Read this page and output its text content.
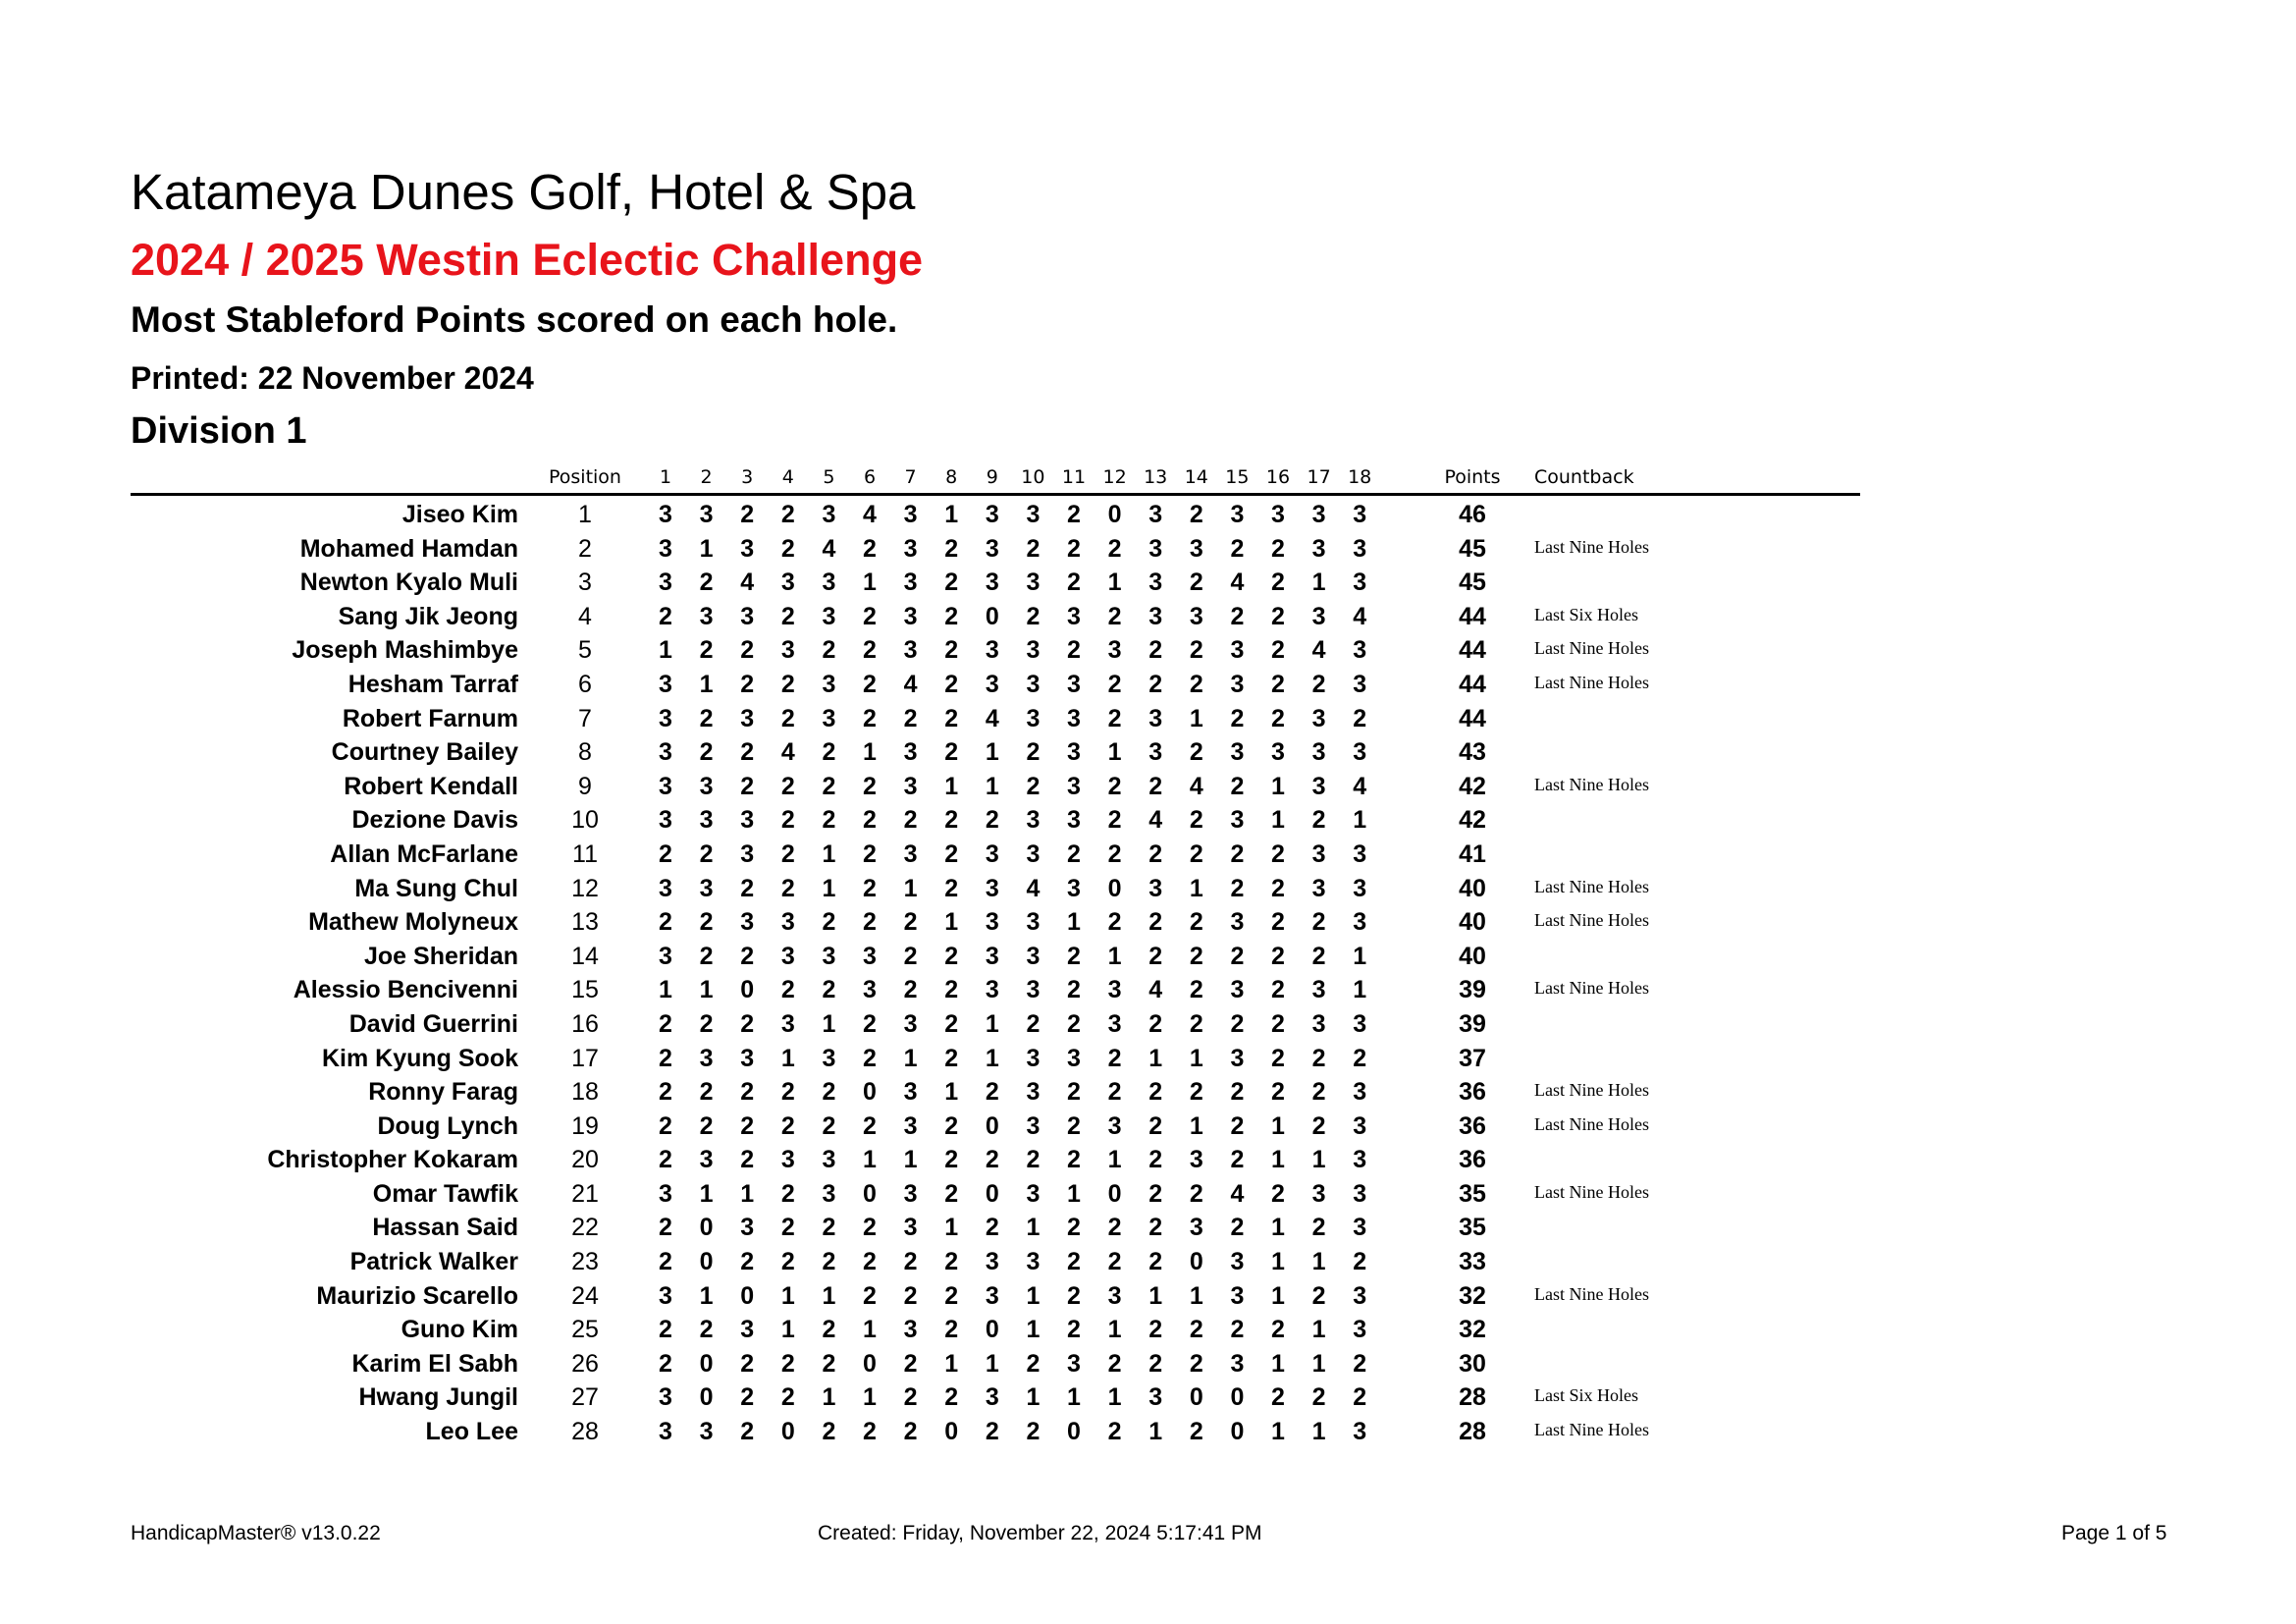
Katameya Dunes Golf, Hotel & Spa
2024 / 2025 Westin Eclectic Challenge
Most Stableford Points scored on each hole.
Printed: 22 November 2024
Division 1
Position	Points	Countback
1	2	3	4	5	6	7	8	9	10 11 12 13 14 15 16 17 18
Jiseo Kim	1	3	3	2	2	3	4	3	1	3	3	2	0	3	2	3	3	3	3	46
Mohamed Hamdan	2	3	1	3	2	4	2	3	2	3	2	2	2	3	3	2	2	3	3	45	Last Nine Holes
Newton Kyalo Muli	3	3	2	4	3	3	1	3	2	3	3	2	1	3	2	4	2	1	3	45
Sang Jik Jeong	4	2	3	3	2	3	2	3	2	0	2	3	2	3	3	2	2	3	4	44	Last Six Holes
Joseph Mashimbye	5	1	2	2	3	2	2	3	2	3	3	2	3	2	2	3	2	4	3	44	Last Nine Holes
Hesham Tarraf	6	3	1	2	2	3	2	4	2	3	3	3	2	2	2	3	2	2	3	44	Last Nine Holes
Robert Farnum	7	3	2	3	2	3	2	2	2	4	3	3	2	3	1	2	2	3	2	44
Courtney Bailey	8	3	2	2	4	2	1	3	2	1	2	3	1	3	2	3	3	3	3	43
Robert Kendall	9	3	3	2	2	2	2	3	1	1	2	3	2	2	4	2	1	3	4	42	Last Nine Holes
Dezione Davis	10	3	3	3	2	2	2	2	2	2	3	3	2	4	2	3	1	2	1	42
Allan McFarlane	11	2	2	3	2	1	2	3	2	3	3	2	2	2	2	2	2	3	3	41
Ma Sung Chul	12	3	3	2	2	1	2	1	2	3	4	3	0	3	1	2	2	3	3	40	Last Nine Holes
Mathew Molyneux	13	2	2	3	3	2	2	2	1	3	3	1	2	2	2	3	2	2	3	40	Last Nine Holes
Joe Sheridan	14	3	2	2	3	3	3	2	2	3	3	2	1	2	2	2	2	2	1	40
Alessio Bencivenni	15	1	1	0	2	2	3	2	2	3	3	2	3	4	2	3	2	3	1	39	Last Nine Holes
David Guerrini	16	2	2	2	3	1	2	3	2	1	2	2	3	2	2	2	2	3	3	39
Kim Kyung Sook	17	2	3	3	1	3	2	1	2	1	3	3	2	1	1	3	2	2	2	37
Ronny Farag	18	2	2	2	2	2	0	3	1	2	3	2	2	2	2	2	2	2	3	36	Last Nine Holes
Doug Lynch	19	2	2	2	2	2	2	3	2	0	3	2	3	2	1	2	1	2	3	36	Last Nine Holes
Christopher Kokaram	20	2	3	2	3	3	1	1	2	2	2	2	1	2	3	2	1	1	3	36
Omar Tawfik	21	3	1	1	2	3	0	3	2	0	3	1	0	2	2	4	2	3	3	35	Last Nine Holes
Hassan Said	22	2	0	3	2	2	2	3	1	2	1	2	2	2	3	2	1	2	3	35
Patrick Walker	23	2	0	2	2	2	2	2	2	3	3	2	2	2	0	3	1	1	2	33
Maurizio Scarello	24	3	1	0	1	1	2	2	2	3	1	2	3	1	1	3	1	2	3	32	Last Nine Holes
Guno Kim	25	2	2	3	1	2	1	3	2	0	1	2	1	2	2	2	2	1	3	32
Karim El Sabh	26	2	0	2	2	2	0	2	1	1	2	3	2	2	2	3	1	1	2	30
Hwang Jungil	27	3	0	2	2	1	1	2	2	3	1	1	1	3	0	0	2	2	2	28	Last Six Holes
Leo Lee	28	3	3	2	0	2	2	2	0	2	2	0	2	1	2	0	1	1	3	28	Last Nine Holes
HandicapMaster® v13.0.22	Created: Friday, November 22, 2024 5:17:41 PM	Page 1 of 5
